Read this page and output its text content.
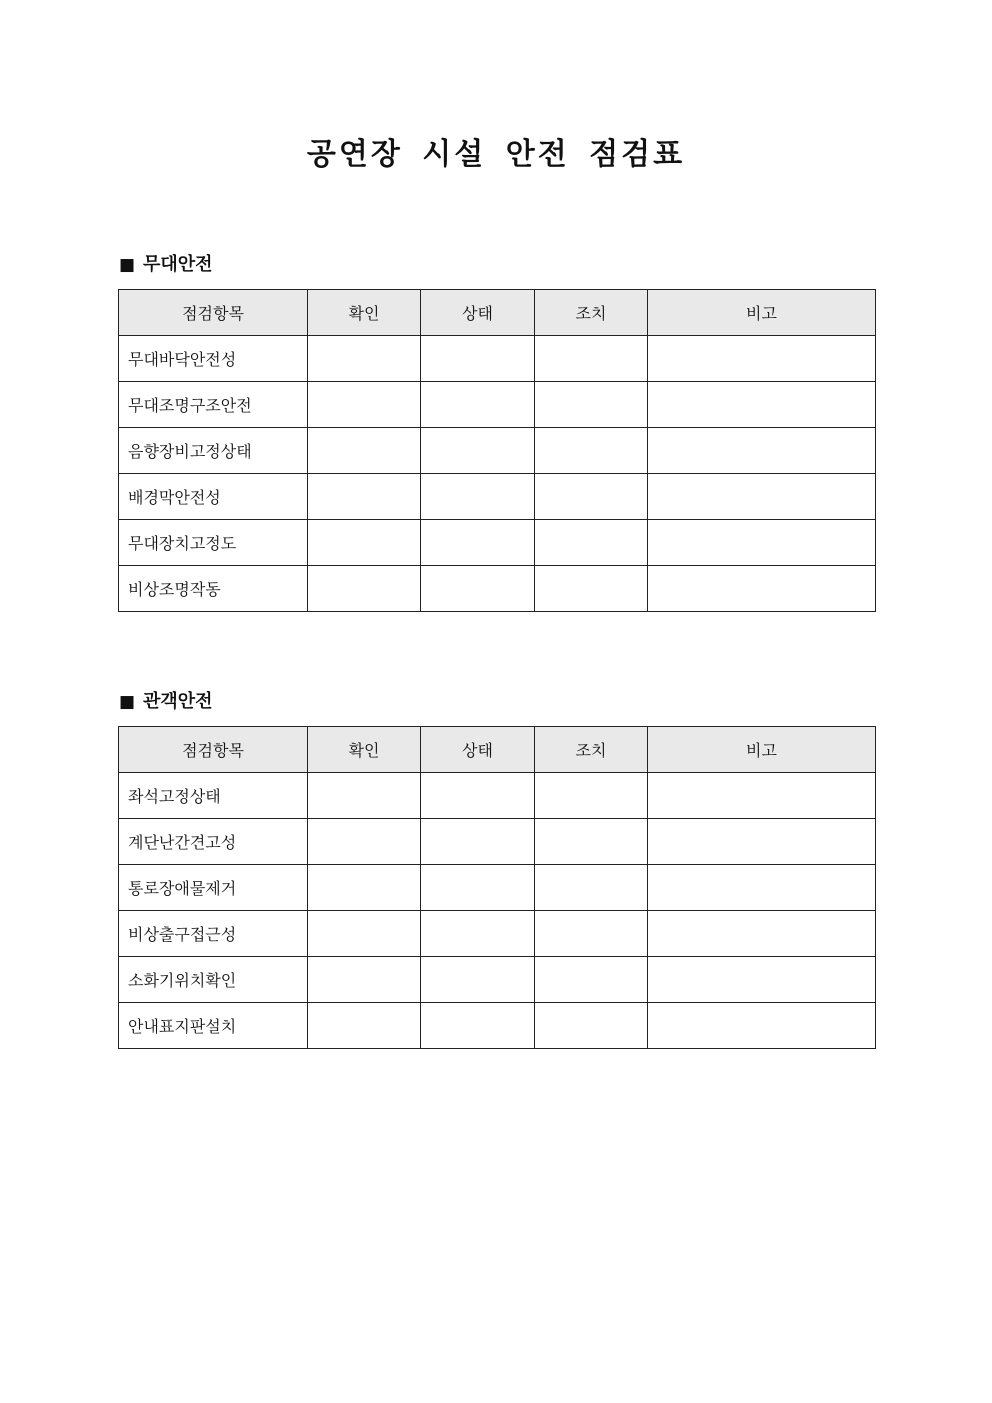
공연장 시설 안전 점검표
■ 무대안전
점검항목	확인	상태	조치	비고
무대바닥안전성				
무대조명구조안전				
음향장비고정상태				
배경막안전성				
무대장치고정도				
비상조명작동				
■ 관객안전
점검항목	확인	상태	조치	비고
좌석고정상태				
계단난간견고성				
통로장애물제거				
비상출구접근성				
소화기위치확인				
안내표지판설치				
